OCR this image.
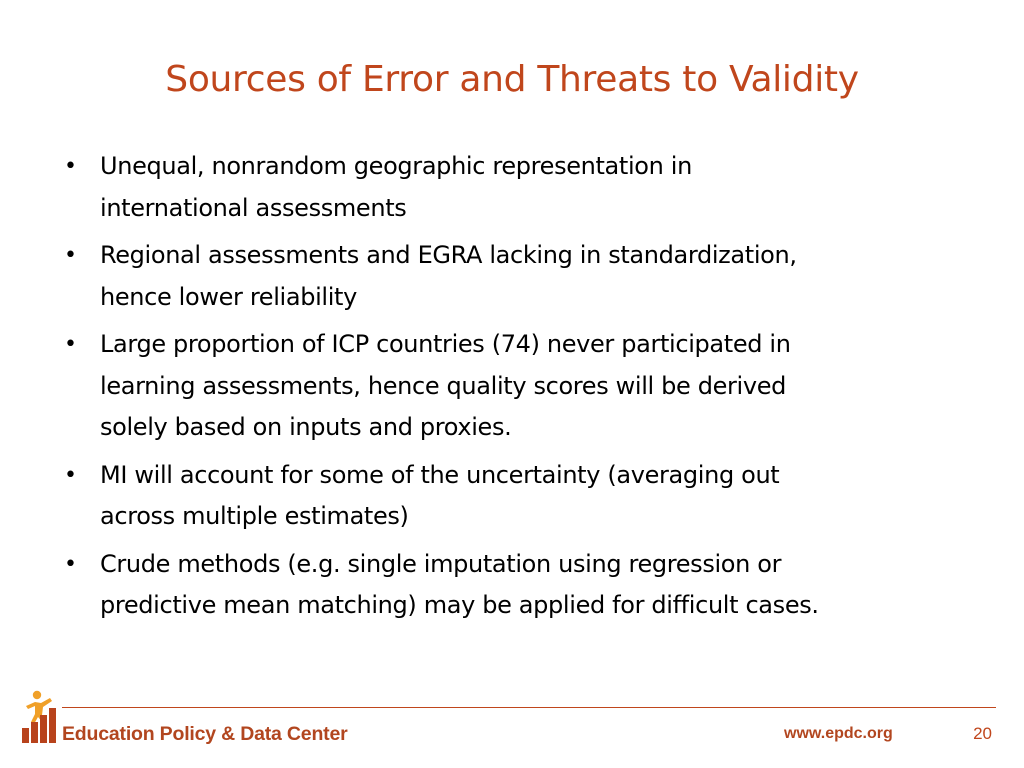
Sources of Error and Threats to Validity
• Unequal, nonrandom geographic representation in
international assessments
• Regional assessments and EGRA lacking in standardization,
hence lower reliability
• Large proportion of ICP countries (74) never participated in
learning assessments, hence quality scores will be derived
solely based on inputs and proxies.
• MI will account for some of the uncertainty (averaging out
across multiple estimates)
• Crude methods (e.g. single imputation using regression or
predictive mean matching) may be applied for difficult cases.
Education Policy & Data Center	www.epdc.org	20
